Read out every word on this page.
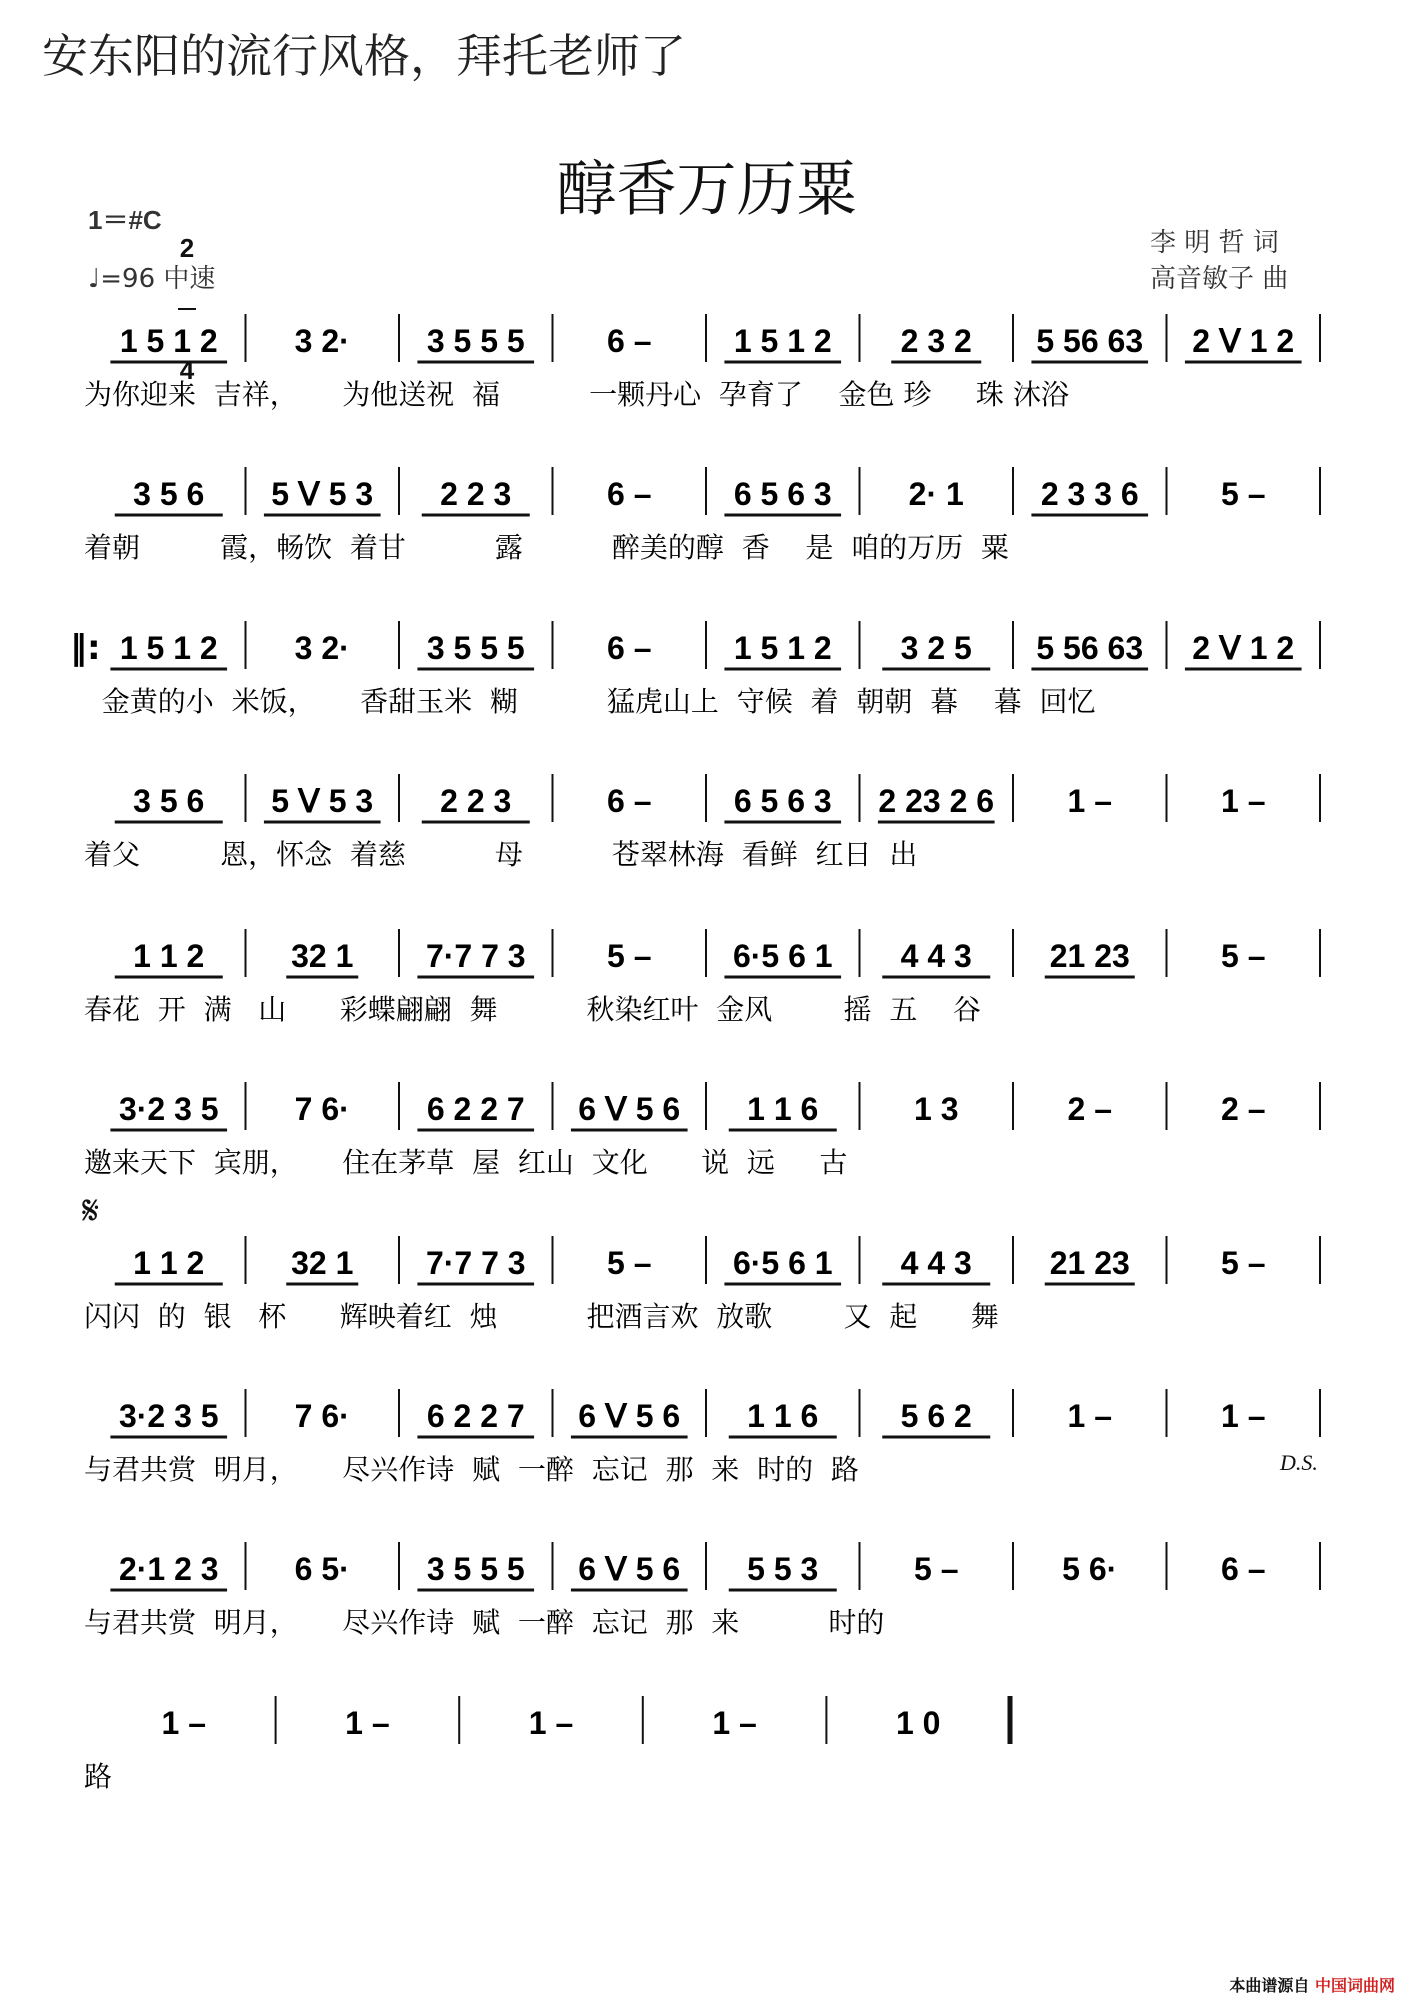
安东阳的流行风格，拜托老师了
醇香万历粟
1＝#C

2

4

♩=96 中速
李 明 哲 词
高音敏子 曲
D.S.
𝄋
1 5 1 2 3 2· 3 5 5 5	6 –	1 5 1 2 2 3 2 5 56 63 2 ᐯ 1 2
为你迎来  吉祥，     为他送祝  福          一颗丹心  孕育了    金色 珍     珠 沐浴
3 5 6 5 ᐯ 5 3 2 2 3	6 –	6 5 6 3 2· 1 2 3 3 6	5 –
着朝         霞，畅饮  着甘          露          醉美的醇  香    是  咱的万历  粟
‖: 1 5 1 2 3 2· 3 5 5 5	6 –	1 5 1 2 3 2 5 5 56 63 2 ᐯ 1 2
金黄的小  米饭，     香甜玉米  糊          猛虎山上  守候  着  朝朝  暮    暮  回忆
3 5 6 5 ᐯ 5 3 2 2 3	6 –	6 5 6 3 2 23 2 6 1 –	1 –
着父         恩，怀念  着慈          母          苍翠林海  看鲜  红日  出
1 1 2	32 1 7·7 7 3	5 –	6·5 6 1 4 4 3 21 23	5 –
春花  开  满   山      彩蝶翩翩  舞          秋染红叶  金风        摇  五    谷
3·2 3 5 7 6· 6 2 2 7 6 ᐯ 5 6 1 1 6	1 3	2 –	2 –
邀来天下  宾朋，     住在茅草  屋  红山  文化      说  远     古
1 1 2	32 1 7·7 7 3	5 –	6·5 6 1 4 4 3 21 23	5 –
闪闪  的  银   杯      辉映着红  烛          把酒言欢  放歌        又  起      舞
3·2 3 5 7 6· 6 2 2 7 6 ᐯ 5 6 1 1 6	5 6 2	1 –	1 –
与君共赏  明月，     尽兴作诗  赋  一醉  忘记  那  来  时的  路
2·1 2 3 6 5· 3 5 5 5 6 ᐯ 5 6 5 5 3	5 –	5 6·	6 –
与君共赏  明月，     尽兴作诗  赋  一醉  忘记  那  来          时的
1 –	1 –	1 –	1 –	1 0
路
本曲谱源自 中国词曲网
